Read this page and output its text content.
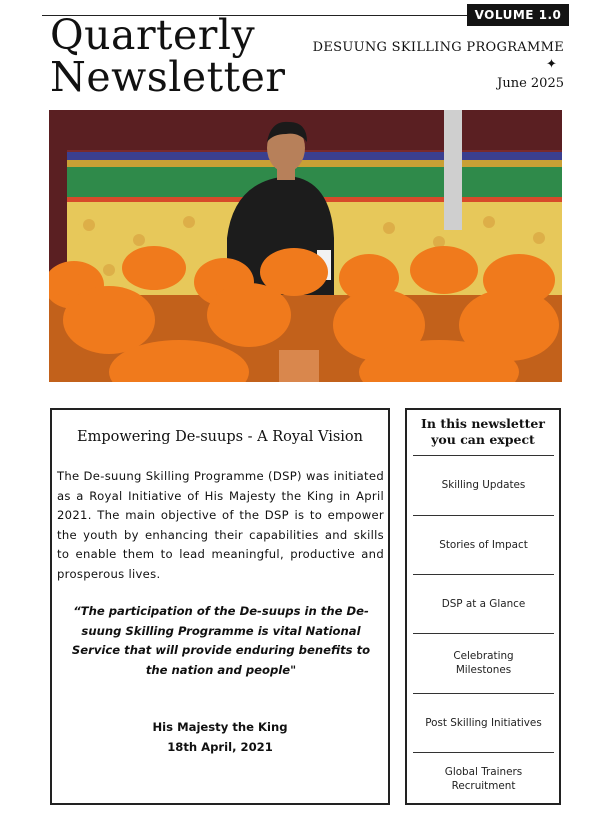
VOLUME 1.0
Quarterly
Newsletter
DESUUNG SKILLING PROGRAMME
✦
June 2025
Empowering De-suups - A Royal Vision

The De-suung Skilling Programme (DSP) was initiated as a Royal Initiative of His Majesty the King in April 2021. The main objective of the DSP is to empower the youth by enhancing their capabilities and skills to enable them to lead meaningful, productive and prosperous lives.

“The participation of the De-suups in the De-suung Skilling Programme is vital National Service that will provide enduring benefits to the nation and people"

His Majesty the King
18th April, 2021
In this newsletter
you can expect
Skilling Updates
Stories of Impact
DSP at a Glance
Celebrating Milestones
Post Skilling Initiatives
Global Trainers Recruitment
